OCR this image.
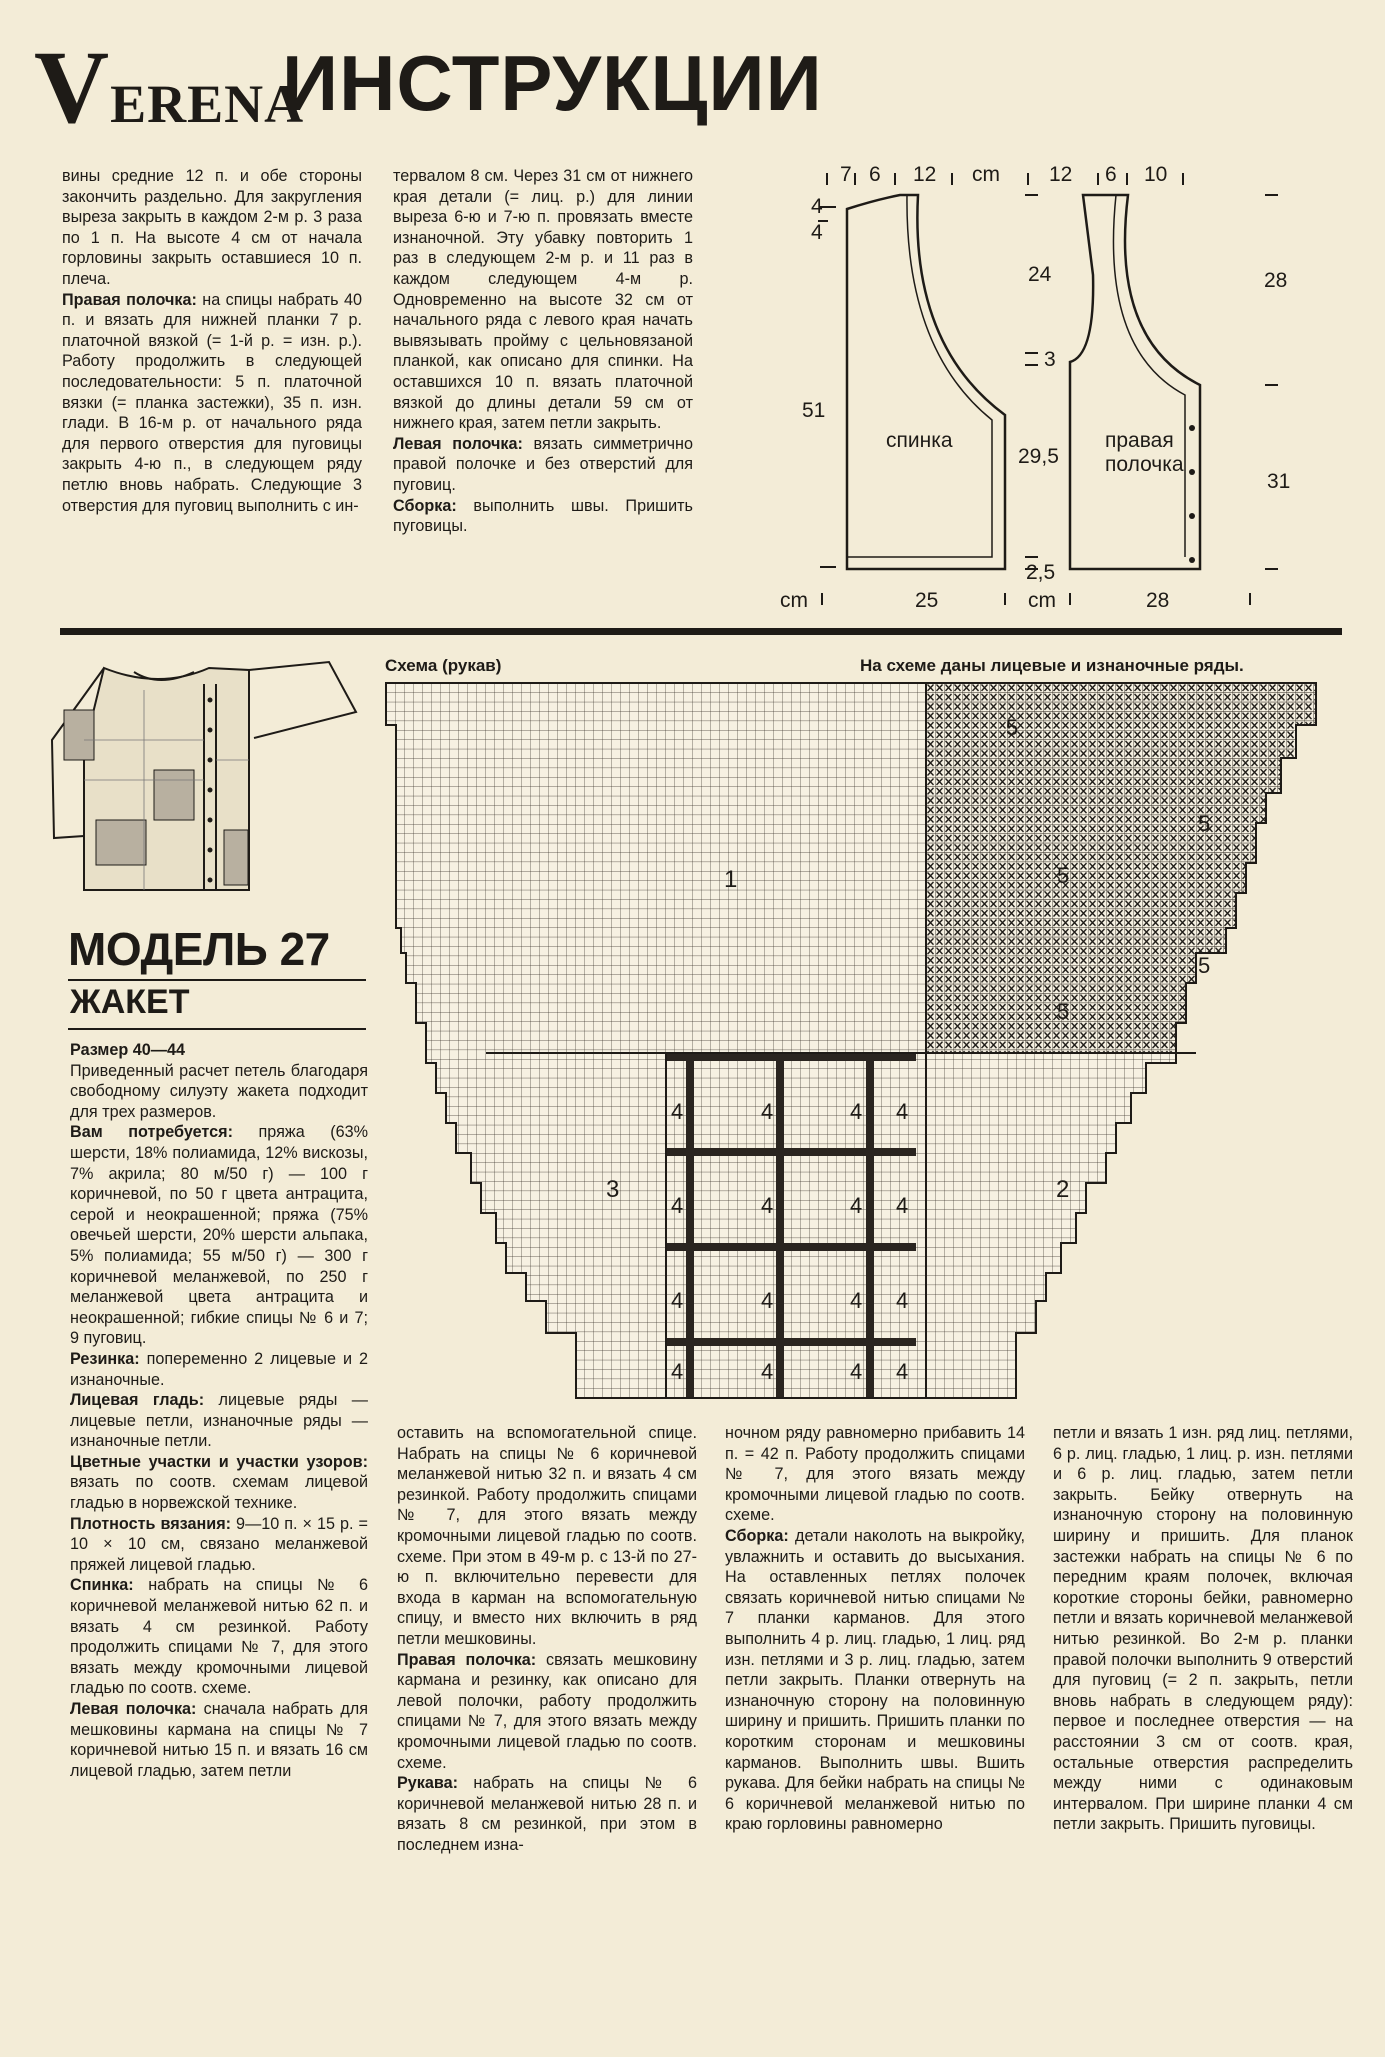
VERENA
ИНСТРУКЦИИ

вины средние 12 п. и обе стороны закончить раздельно. Для закругления выреза закрыть в каждом 2-м р. 3 раза по 1 п. На высоте 4 см от начала горловины закрыть оставшиеся 10 п. плеча.

Правая полочка: на спицы набрать 40 п. и вязать для нижней планки 7 р. платочной вязкой (= 1-й р. = изн. р.). Работу продолжить в следующей последовательности: 5 п. платочной вязки (= планка застежки), 35 п. изн. глади. В 16-м р. от начального ряда для первого отверстия для пуговицы закрыть 4-ю п., в следующем ряду петлю вновь набрать. Следующие 3 отверстия для пуговиц выполнить с ин-

тервалом 8 см. Через 31 см от нижнего края детали (= лиц. р.) для линии выреза 6-ю и 7-ю п. провязать вместе изнаночной. Эту убавку повторить 1 раз в следующем 2-м р. и 11 раз в каждом следующем 4-м р. Одновременно на высоте 32 см от начального ряда с левого края начать вывязывать пройму с цельновязаной планкой, как описано для спинки. На оставшихся 10 п. вязать платочной вязкой до длины детали 59 см от нижнего края, затем петли закрыть.

Левая полочка: вязать симметрично правой полочке и без отверстий для пуговиц.

Сборка: выполнить швы. Пришить пуговицы.

7 6 12 cm 12 6 10
4
4
51
24
3
29,5
2,5
28
31
cm	25	cm	28
спинка	правая
полочка
МОДЕЛЬ 27
ЖАКЕТ
Схема (рукав)	На схеме даны лицевые и изнаночные ряды.
1
2
3
5
5
5
5
5
4	4	4 4
4	4	4 4
4	4	4 4
4	4	4 4

Размер 40—44

Приведенный расчет петель благодаря свободному силуэту жакета подходит для трех размеров.

Вам потребуется: пряжа (63% шерсти, 18% полиамида, 12% вискозы, 7% акрила; 80 м/50 г) — 100 г коричневой, по 50 г цвета антрацита, серой и неокрашенной; пряжа (75% овечьей шерсти, 20% шерсти альпака, 5% полиамида; 55 м/50 г) — 300 г коричневой меланжевой, по 250 г меланжевой цвета антрацита и неокрашенной; гибкие спицы № 6 и 7; 9 пуговиц.

Резинка: попеременно 2 лицевые и 2 изнаночные.

Лицевая гладь: лицевые ряды — лицевые петли, изнаночные ряды — изнаночные петли.

Цветные участки и участки узоров: вязать по соотв. схемам лицевой гладью в норвежской технике.

Плотность вязания: 9—10 п. × 15 р. = 10 × 10 см, связано меланжевой пряжей лицевой гладью.

Спинка: набрать на спицы № 6 коричневой меланжевой нитью 62 п. и вязать 4 см резинкой. Работу продолжить спицами № 7, для этого вязать между кромочными лицевой гладью по соотв. схеме.

Левая полочка: сначала набрать для мешковины кармана на спицы № 7 коричневой нитью 15 п. и вязать 16 см лицевой гладью, затем петли

оставить на вспомогательной спице. Набрать на спицы № 6 коричневой меланжевой нитью 32 п. и вязать 4 см резинкой. Работу продолжить спицами № 7, для этого вязать между кромочными лицевой гладью по соотв. схеме. При этом в 49-м р. с 13-й по 27-ю п. включительно перевести для входа в карман на вспомогательную спицу, и вместо них включить в ряд петли мешковины.

Правая полочка: связать мешковину кармана и резинку, как описано для левой полочки, работу продолжить спицами № 7, для этого вязать между кромочными лицевой гладью по соотв. схеме.

Рукава: набрать на спицы № 6 коричневой меланжевой нитью 28 п. и вязать 8 см резинкой, при этом в последнем изна-

ночном ряду равномерно прибавить 14 п. = 42 п. Работу продолжить спицами № 7, для этого вязать между кромочными лицевой гладью по соотв. схеме.

Сборка: детали наколоть на выкройку, увлажнить и оставить до высыхания. На оставленных петлях полочек связать коричневой нитью спицами № 7 планки карманов. Для этого выполнить 4 р. лиц. гладью, 1 лиц. ряд изн. петлями и 3 р. лиц. гладью, затем петли закрыть. Планки отвернуть на изнаночную сторону на половинную ширину и пришить. Пришить планки по коротким сторонам и мешковины карманов. Выполнить швы. Вшить рукава. Для бейки набрать на спицы № 6 коричневой меланжевой нитью по краю горловины равномерно

петли и вязать 1 изн. ряд лиц. петлями, 6 р. лиц. гладью, 1 лиц. р. изн. петлями и 6 р. лиц. гладью, затем петли закрыть. Бейку отвернуть на изнаночную сторону на половинную ширину и пришить. Для планок застежки набрать на спицы № 6 по передним краям полочек, включая короткие стороны бейки, равномерно петли и вязать коричневой меланжевой нитью резинкой. Во 2-м р. планки правой полочки выполнить 9 отверстий для пуговиц (= 2 п. закрыть, петли вновь набрать в следующем ряду): первое и последнее отверстия — на расстоянии 3 см от соотв. края, остальные отверстия распределить между ними с одинаковым интервалом. При ширине планки 4 см петли закрыть. Пришить пуговицы.
